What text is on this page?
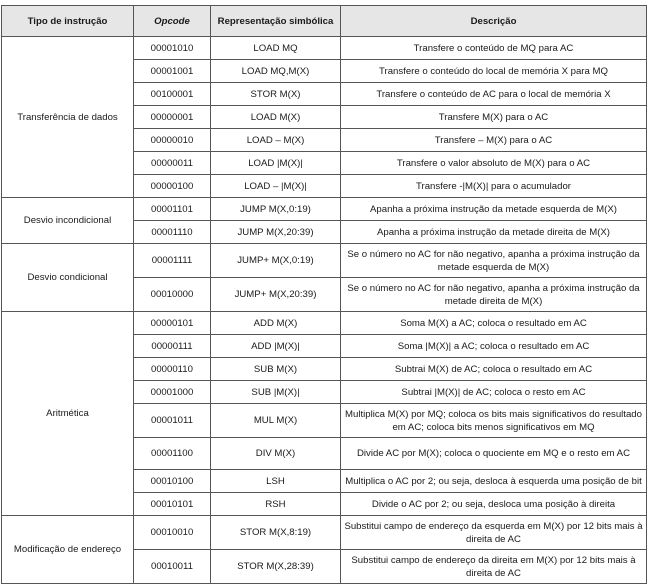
Tipo de instrução	Opcode	Representação simbólica	Descrição
Transferência de dados	00001010	LOAD MQ	Transfere o conteúdo de MQ para AC
	00001001	LOAD MQ,M(X)	Transfere o conteúdo do local de memória X para MQ
	00100001	STOR M(X)	Transfere o conteúdo de AC para o local de memória X
	00000001	LOAD M(X)	Transfere M(X) para o AC
	00000010	LOAD – M(X)	Transfere – M(X) para o AC
	00000011	LOAD |M(X)|	Transfere o valor absoluto de M(X) para o AC
	00000100	LOAD – |M(X)|	Transfere -|M(X)| para o acumulador
Desvio incondicional	00001101	JUMP M(X,0:19)	Apanha a próxima instrução da metade esquerda de M(X)
	00001110	JUMP M(X,20:39)	Apanha a próxima instrução da metade direita de M(X)
Desvio condicional	00001111	JUMP+ M(X,0:19)	Se o número no AC for não negativo, apanha a próxima instrução da metade esquerda de M(X)
	00010000	JUMP+ M(X,20:39)	Se o número no AC for não negativo, apanha a próxima instrução da metade direita de M(X)
Aritmética	00000101	ADD M(X)	Soma M(X) a AC; coloca o resultado em AC
	00000111	ADD |M(X)|	Soma |M(X)| a AC; coloca o resultado em AC
	00000110	SUB M(X)	Subtrai M(X) de AC; coloca o resultado em AC
	00001000	SUB |M(X)|	Subtrai |M(X)| de AC; coloca o resto em AC
	00001011	MUL M(X)	Multiplica M(X) por MQ; coloca os bits mais significativos do resultado em AC; coloca bits menos significativos em MQ
	00001100	DIV M(X)	Divide AC por M(X); coloca o quociente em MQ e o resto em AC
	00010100	LSH	Multiplica o AC por 2; ou seja, desloca à esquerda uma posição de bit
	00010101	RSH	Divide o AC por 2; ou seja, desloca uma posição à direita
Modificação de endereço	00010010	STOR M(X,8:19)	Substitui campo de endereço da esquerda em M(X) por 12 bits mais à direita de AC
	00010011	STOR M(X,28:39)	Substitui campo de endereço da direita em M(X) por 12 bits mais à direita de AC
